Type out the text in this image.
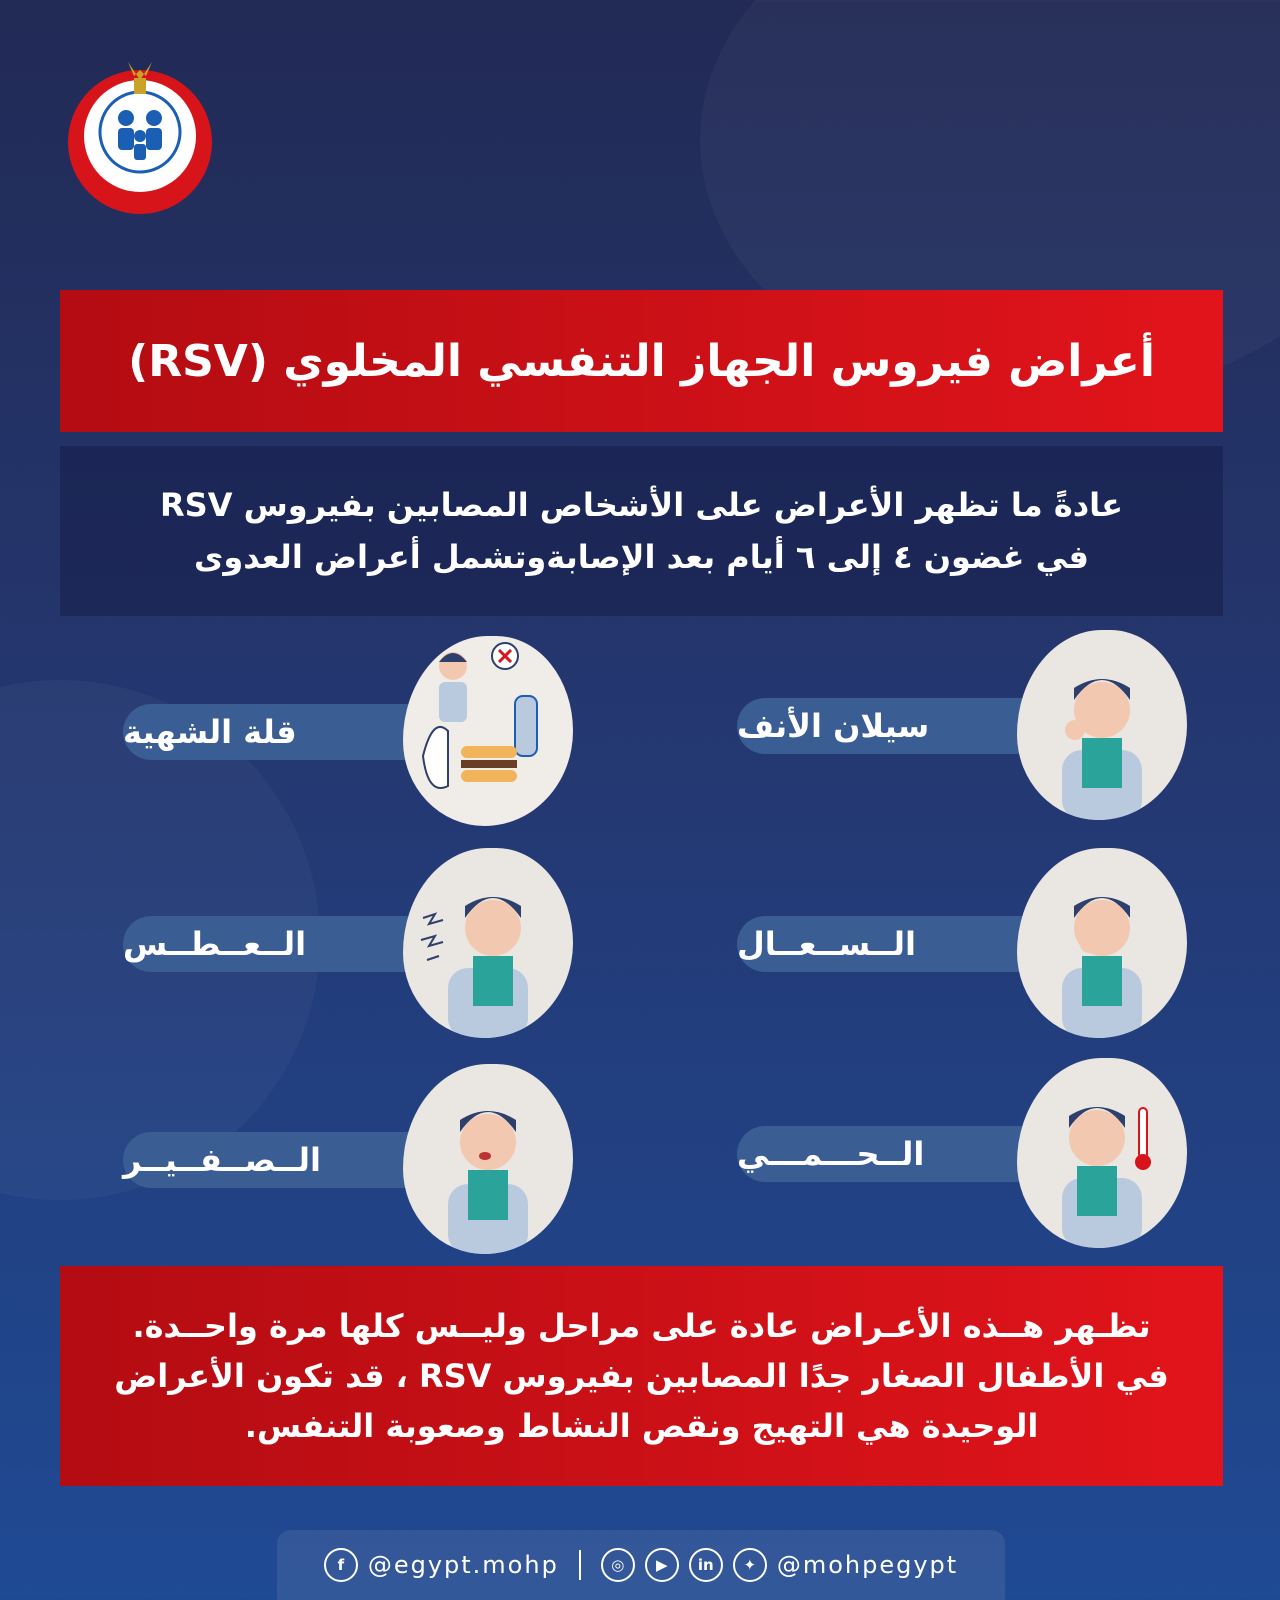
أعراض فيروس الجهاز التنفسي المخلوي (RSV)
عادةً ما تظهر الأعراض على الأشخاص المصابين بفيروس RSV
في غضون ٤ إلى ٦ أيام بعد الإصابةوتشمل أعراض العدوى
سيلان الأنف
الــســعــال
الــحـــمـــي
قلة الشهية
الــعــطــس
الــصــفــيــر
تظـهر هــذه الأعـراض عادة على مراحل وليــس كلها مرة واحــدة.
في الأطفال الصغار جدًا المصابين بفيروس RSV ، قد تكون الأعراض
الوحيدة هي التهيج ونقص النشاط وصعوبة التنفس.
f @egypt.mohp	◎	▶	in	✦ @mohpegypt
